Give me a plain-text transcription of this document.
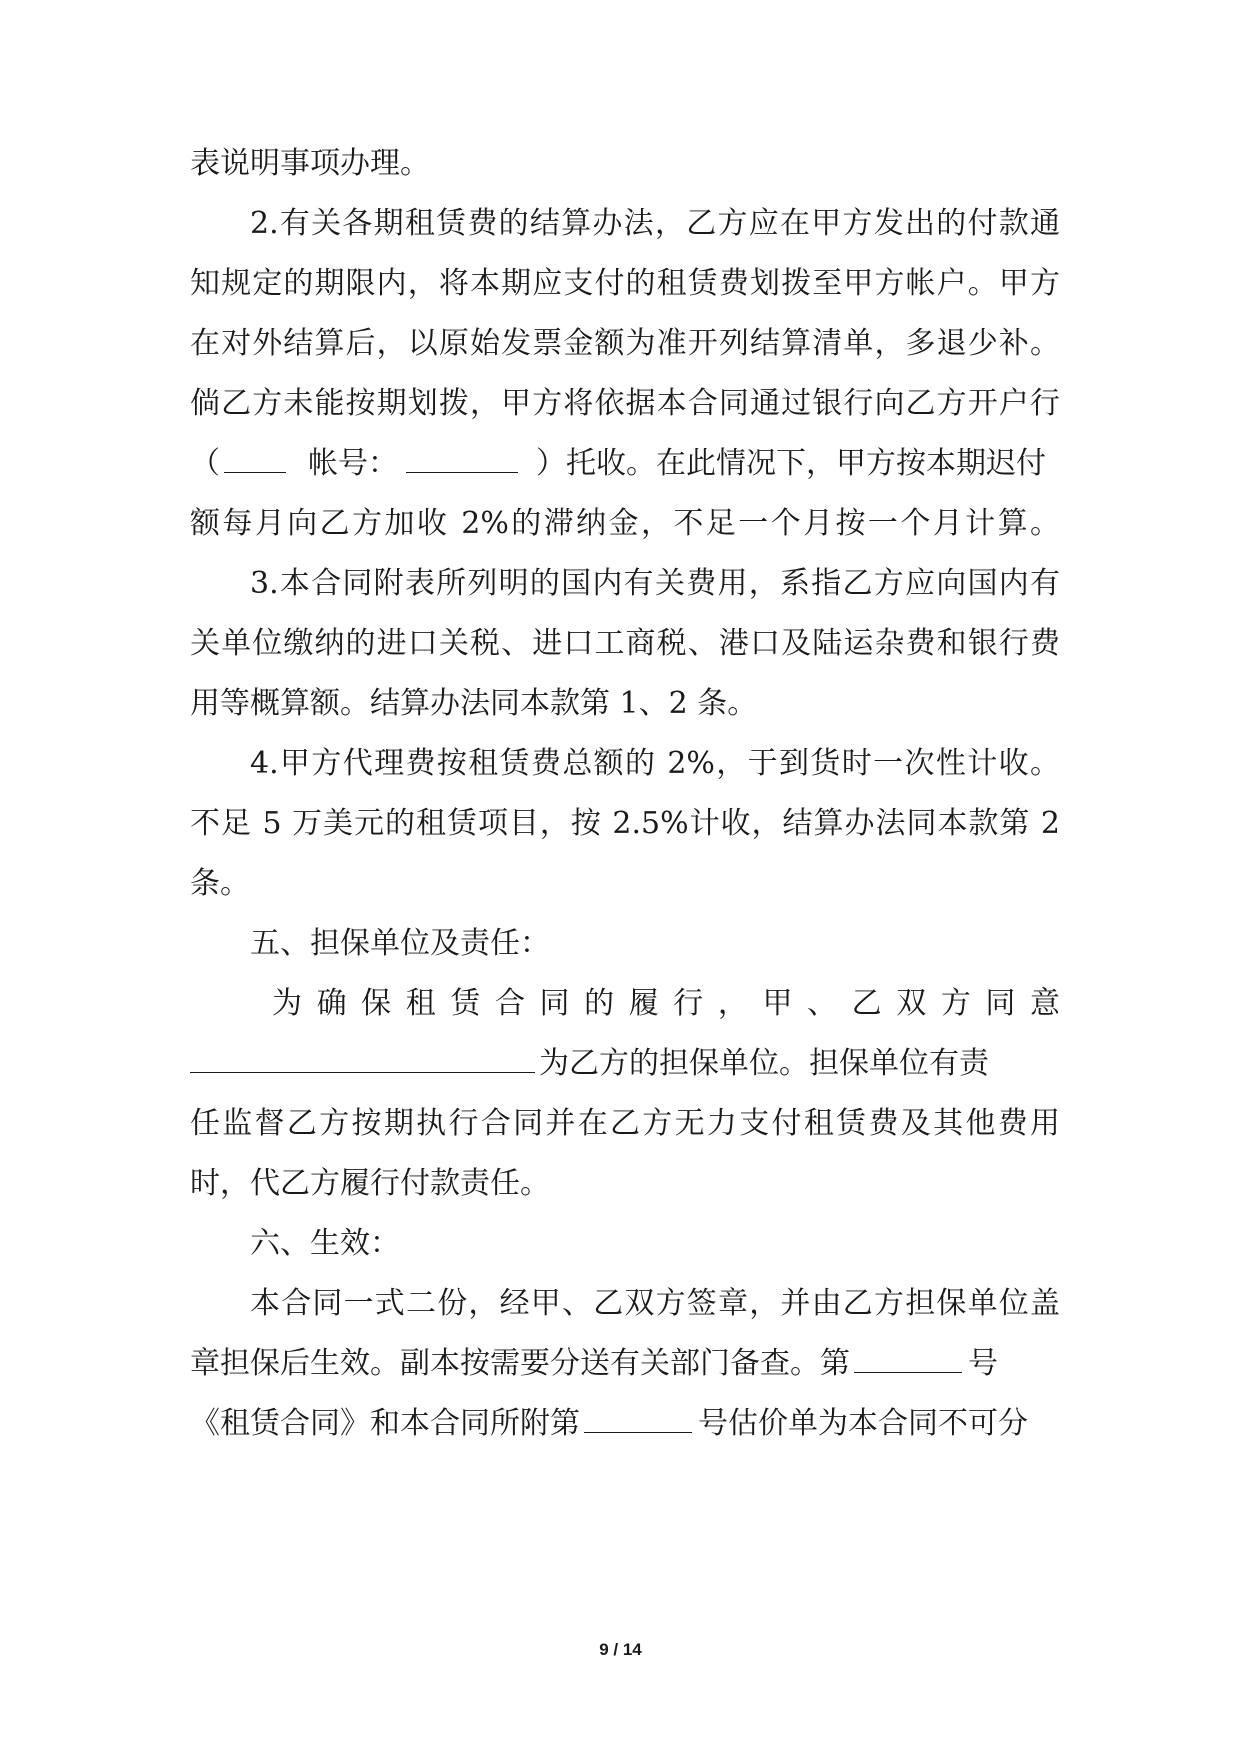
表说明事项办理。
2.有关各期租赁费的结算办法，乙方应在甲方发出的付款通
知规定的期限内，将本期应支付的租赁费划拨至甲方帐户。甲方
在对外结算后，以原始发票金额为准开列结算清单，多退少补。
倘乙方未能按期划拨，甲方将依据本合同通过银行向乙方开户行
（	帐号：	）托收。在此情况下，甲方按本期迟付
额每月向乙方加收 2%的滞纳金，不足一个月按一个月计算。
3.本合同附表所列明的国内有关费用，系指乙方应向国内有
关单位缴纳的进口关税、进口工商税、港口及陆运杂费和银行费
用等概算额。结算办法同本款第 1、2 条。
4.甲方代理费按租赁费总额的 2%，于到货时一次性计收。
不足 5 万美元的租赁项目，按 2.5%计收，结算办法同本款第 2
条。
五、担保单位及责任：
为确保租赁合同的履行，甲、乙双方同意
为乙方的担保单位。担保单位有责
任监督乙方按期执行合同并在乙方无力支付租赁费及其他费用
时，代乙方履行付款责任。
六、生效：
本合同一式二份，经甲、乙双方签章，并由乙方担保单位盖
章担保后生效。副本按需要分送有关部门备查。第	号
《租赁合同》和本合同所附第	号估价单为本合同不可分
9 / 14
